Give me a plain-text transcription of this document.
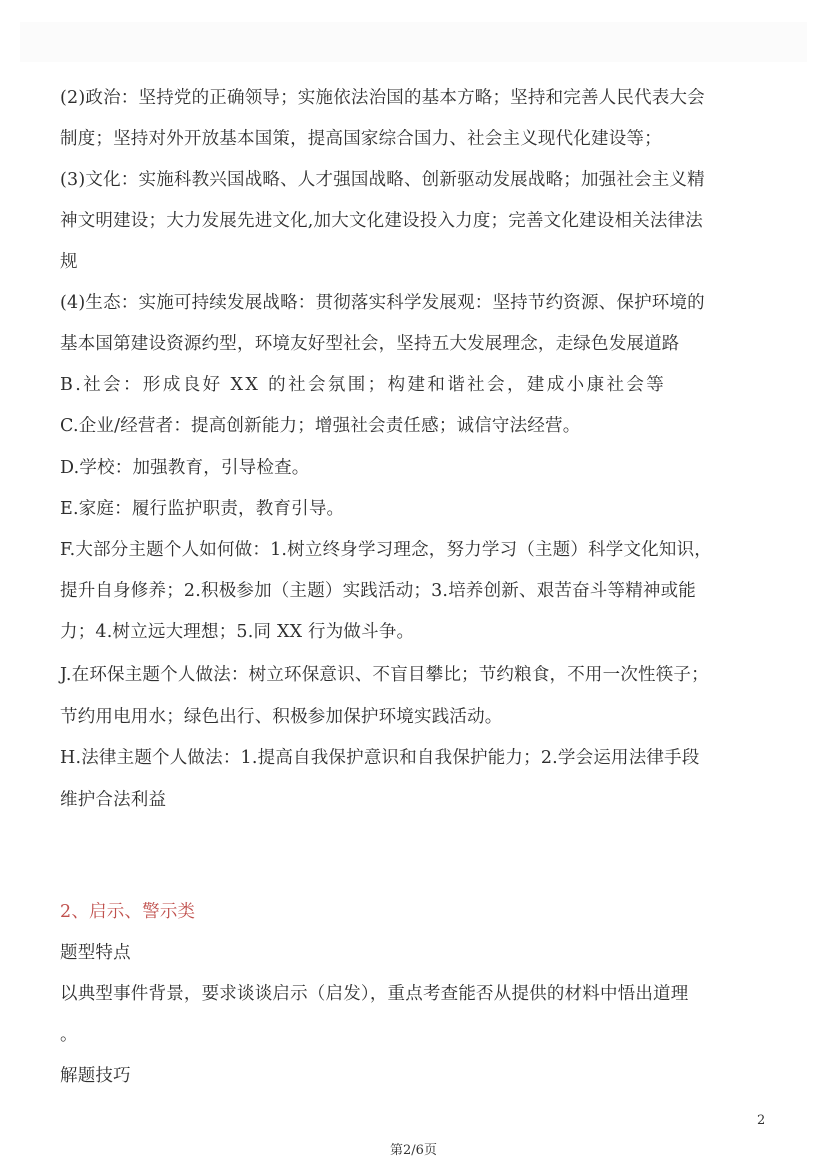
(2)政治：坚持党的正确领导；实施依法治国的基本方略；坚持和完善人民代表大会
制度；坚持对外开放基本国策，提高国家综合国力、社会主义现代化建设等；
(3)文化：实施科教兴国战略、人才强国战略、创新驱动发展战略；加强社会主义精
神文明建设；大力发展先进文化,加大文化建设投入力度；完善文化建设相关法律法
规
(4)生态：实施可持续发展战略：贯彻落实科学发展观：坚持节约资源、保护环境的
基本国第建设资源约型，环境友好型社会，坚持五大发展理念，走绿色发展道路
B.社会：形成良好 XX 的社会氛围；构建和谐社会，建成小康社会等
C.企业/经营者：提高创新能力；增强社会责任感；诚信守法经营。
D.学校：加强教育，引导检查。
E.家庭：履行监护职责，教育引导。
F.大部分主题个人如何做：1.树立终身学习理念，努力学习（主题）科学文化知识，
提升自身修养；2.积极参加（主题）实践活动；3.培养创新、艰苦奋斗等精神或能
力；4.树立远大理想；5.同 XX 行为做斗争。
J.在环保主题个人做法：树立环保意识、不盲目攀比；节约粮食，不用一次性筷子；
节约用电用水；绿色出行、积极参加保护环境实践活动。
H.法律主题个人做法：1.提高自我保护意识和自我保护能力；2.学会运用法律手段
维护合法利益
2、启示、警示类
题型特点
以典型事件背景，要求谈谈启示（启发），重点考查能否从提供的材料中悟出道理
。
解题技巧
2
第2/6页
